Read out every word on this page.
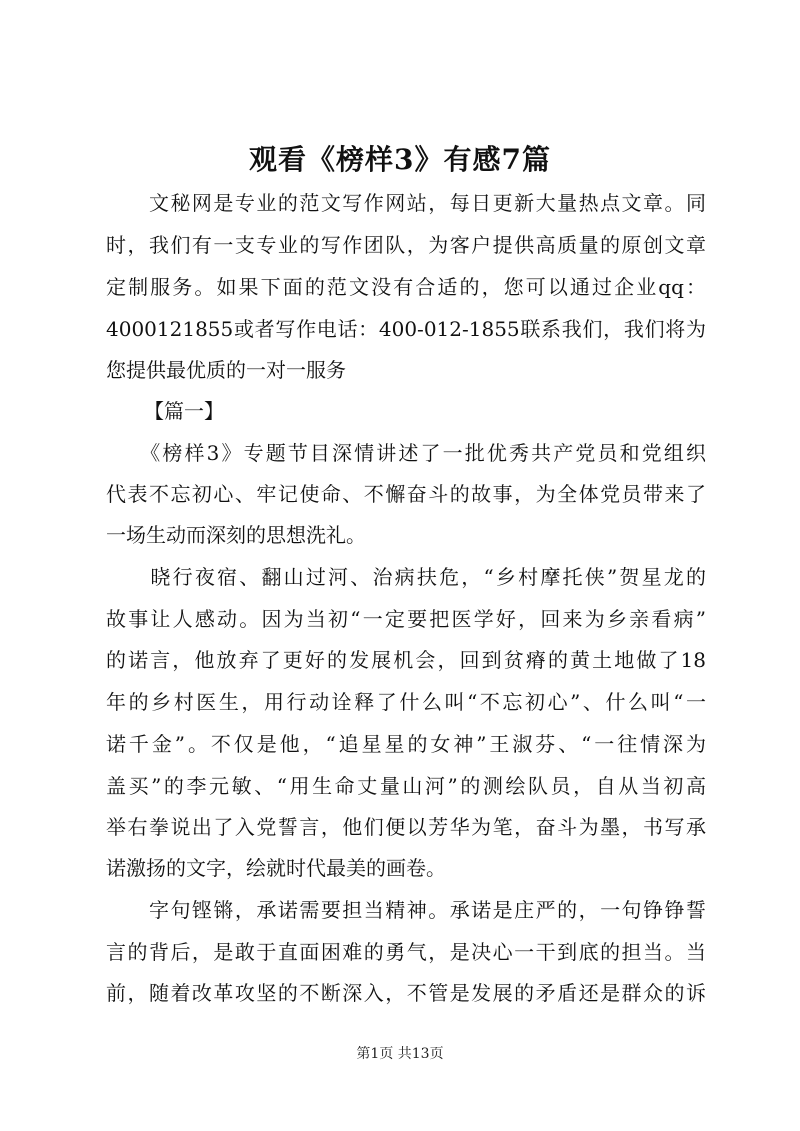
观看《榜样3》有感7篇
　　文秘网是专业的范文写作网站，每日更新大量热点文章。同
时，我们有一支专业的写作团队，为客户提供高质量的原创文章
定制服务。如果下面的范文没有合适的，您可以通过企业qq：
4000121855或者写作电话：400-012-1855联系我们，我们将为
您提供最优质的一对一服务
【篇一】
　　《榜样3》专题节目深情讲述了一批优秀共产党员和党组织
代表不忘初心、牢记使命、不懈奋斗的故事，为全体党员带来了
一场生动而深刻的思想洗礼。
　　晓行夜宿、翻山过河、治病扶危，“乡村摩托侠”贺星龙的
故事让人感动。因为当初“一定要把医学好，回来为乡亲看病”
的诺言，他放弃了更好的发展机会，回到贫瘠的黄土地做了18
年的乡村医生，用行动诠释了什么叫“不忘初心”、什么叫“一
诺千金”。不仅是他，“追星星的女神”王淑芬、“一往情深为
盖买”的李元敏、“用生命丈量山河”的测绘队员，自从当初高
举右拳说出了入党誓言，他们便以芳华为笔，奋斗为墨，书写承
诺激扬的文字，绘就时代最美的画卷。
　　字句铿锵，承诺需要担当精神。承诺是庄严的，一句铮铮誓
言的背后，是敢于直面困难的勇气，是决心一干到底的担当。当
前，随着改革攻坚的不断深入，不管是发展的矛盾还是群众的诉
第1页 共13页
